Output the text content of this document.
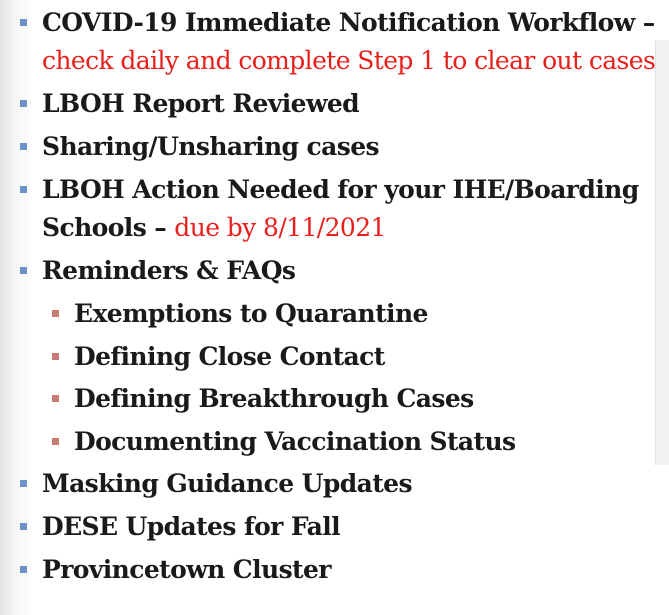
COVID-19 Immediate Notification Workflow – check daily and complete Step 1 to clear out cases
LBOH Report Reviewed
Sharing/Unsharing cases
LBOH Action Needed for your IHE/Boarding Schools – due by 8/11/2021
Reminders & FAQs
Exemptions to Quarantine
Defining Close Contact
Defining Breakthrough Cases
Documenting Vaccination Status
Masking Guidance Updates
DESE Updates for Fall
Provincetown Cluster
